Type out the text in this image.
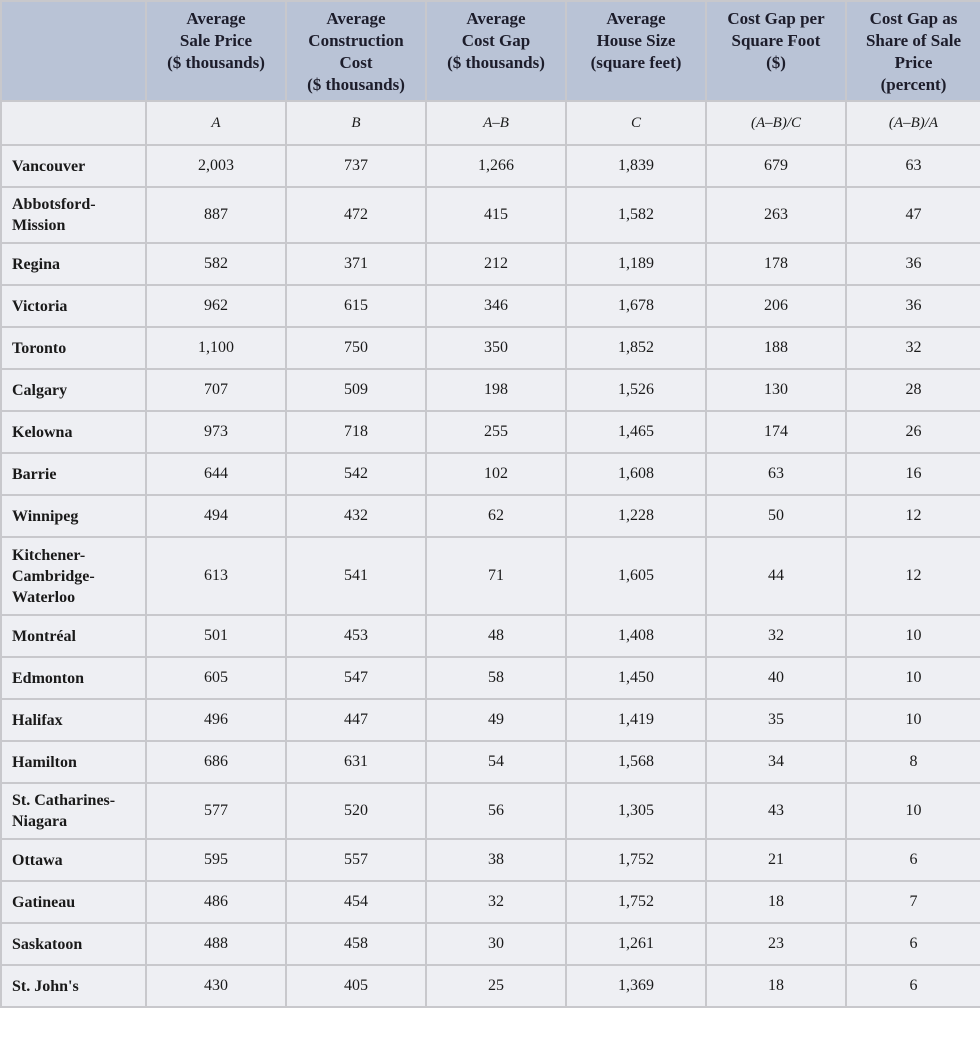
	Average
Sale Price
($ thousands)	Average
Construction
Cost
($ thousands)	Average
Cost Gap
($ thousands)	Average
House Size
(square feet)	Cost Gap per
Square Foot
($)	Cost Gap as
Share of Sale
Price
(percent)
	A	B	A–B	C	(A–B)/C	(A–B)/A
Vancouver	2,003	737	1,266	1,839	679	63
Abbotsford-
Mission	887	472	415	1,582	263	47
Regina	582	371	212	1,189	178	36
Victoria	962	615	346	1,678	206	36
Toronto	1,100	750	350	1,852	188	32
Calgary	707	509	198	1,526	130	28
Kelowna	973	718	255	1,465	174	26
Barrie	644	542	102	1,608	63	16
Winnipeg	494	432	62	1,228	50	12
Kitchener-
Cambridge-
Waterloo	613	541	71	1,605	44	12
Montréal	501	453	48	1,408	32	10
Edmonton	605	547	58	1,450	40	10
Halifax	496	447	49	1,419	35	10
Hamilton	686	631	54	1,568	34	8
St. Catharines-
Niagara	577	520	56	1,305	43	10
Ottawa	595	557	38	1,752	21	6
Gatineau	486	454	32	1,752	18	7
Saskatoon	488	458	30	1,261	23	6
St. John's	430	405	25	1,369	18	6
